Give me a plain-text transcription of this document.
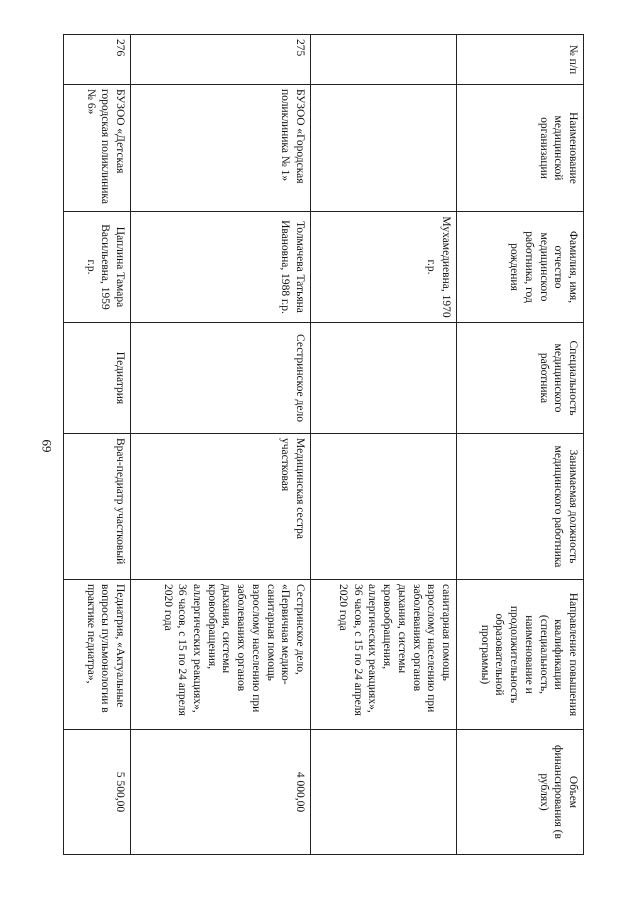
69
№ п/п	Наименование медицинской организации	Фамилия, имя, отчество медицинского работника, год рождения	Специальность медицинского работника	Занимаемая должность медицинского работника	Направление повышения квалификации (специальность, наименование и продолжительность образовательной программы)	Объем финансирования (в рублях)
		Мухамедиевна, 1970 г.р.			санитарная помощь взрослому населению при заболеваниях органов дыхания, системы кровообращения, аллергических реакциях», 36 часов, с 15 по 24 апреля 2020 года	
275	БУЗОО «Городская поликлиника № 1»	Толмачева Татьяна Ивановна, 1988 г.р.	Сестринское дело	Медицинская сестра участковая	Сестринское дело, «Первичная медико-санитарная помощь взрослому населению при заболеваниях органов дыхания, системы кровообращения, аллергических реакциях», 36 часов, с 15 по 24 апреля 2020 года	4 000,00
276	БУЗОО «Детская городская поликлиника № 6»	Цаплина Тамара Васильевна, 1959 г.р.	Педиатрия	Врач-педиатр участковый	Педиатрия, «Актуальные вопросы пульмонологии в практике педиатра»,	5 500,00
